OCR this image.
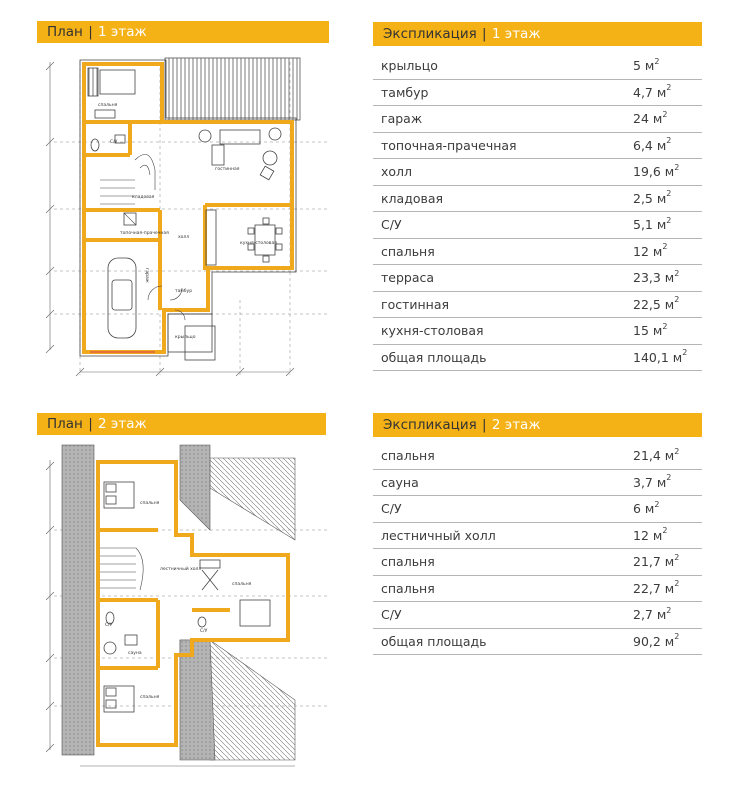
План | 1 этаж	Экспликация | 1 этаж
крыльцо	5 $м^2$
тамбур	4,7 $м^2$
гараж	24 $м^2$
топочная-прачечная	6,4 $м^2$
холл	19,6 $м^2$
кладовая	2,5 $м^2$
С/У	5,1 $м^2$
спальня	12 $м^2$
терраса	23,3 $м^2$
гостинная	22,5 $м^2$
кухня-столовая	15 $м^2$
общая площадь	140,1 $м^2$
План | 2 этаж	Экспликация | 2 этаж
спальня	21,4 $м^2$
сауна	3,7 $м^2$
С/У	6 $м^2$
лестничный холл	12 $м^2$
спальня	21,7 $м^2$
спальня	22,7 $м^2$
С/У	2,7 $м^2$
общая площадь	90,2 $м^2$
спальня
С/У
гостинная
кладовая
топочная-прачечная
холл
кухня-столовая
гараж
тамбур
крыльцо
спальня
лестничный холл
спальня
С/У
С/У
сауна
спальня
